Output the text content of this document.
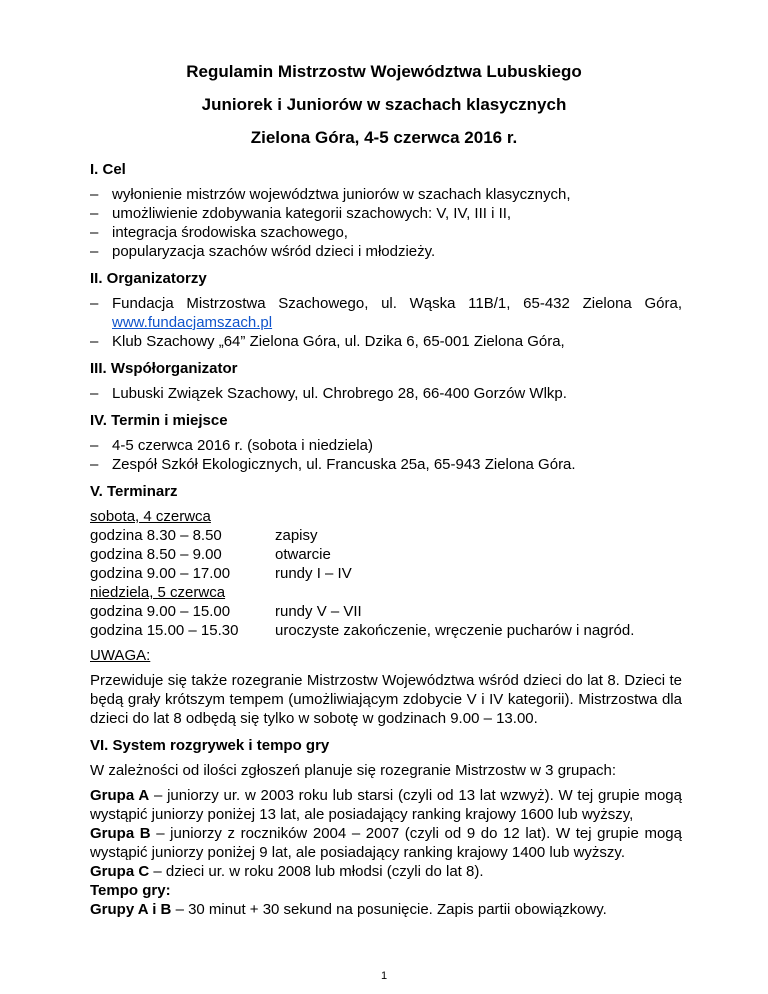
Regulamin Mistrzostw Województwa Lubuskiego
Juniorek i Juniorów w szachach klasycznych
Zielona Góra, 4-5 czerwca 2016 r.

I. Cel

– wyłonienie mistrzów województwa juniorów w szachach klasycznych,

– umożliwienie zdobywania kategorii szachowych: V, IV, III i II,

– integracja środowiska szachowego,

– popularyzacja szachów wśród dzieci i młodzieży.

II. Organizatorzy

– Fundacja Mistrzostwa Szachowego, ul. Wąska 11B/1, 65-432 Zielona Góra, www.fundacjamszach.pl

– Klub Szachowy „64” Zielona Góra, ul. Dzika 6, 65-001 Zielona Góra,

III. Współorganizator

– Lubuski Związek Szachowy, ul. Chrobrego 28, 66-400 Gorzów Wlkp.

IV. Termin i miejsce

– 4-5 czerwca 2016 r. (sobota i niedziela)

– Zespół Szkół Ekologicznych, ul. Francuska 25a, 65-943 Zielona Góra.

V. Terminarz

sobota, 4 czerwca

godzina 8.30 – 8.50	zapisy
godzina 8.50 – 9.00	otwarcie
godzina 9.00 – 17.00	rundy I – IV

niedziela, 5 czerwca

godzina 9.00 – 15.00	rundy V – VII
godzina 15.00 – 15.30	uroczyste zakończenie, wręczenie pucharów i nagród.

UWAGA:

Przewiduje się także rozegranie Mistrzostw Województwa wśród dzieci do lat 8. Dzieci te będą grały krótszym tempem (umożliwiającym zdobycie V i IV kategorii). Mistrzostwa dla dzieci do lat 8 odbędą się tylko w sobotę w godzinach 9.00 – 13.00.

VI. System rozgrywek i tempo gry

W zależności od ilości zgłoszeń planuje się rozegranie Mistrzostw w 3 grupach:

Grupa A – juniorzy ur. w 2003 roku lub starsi (czyli od 13 lat wzwyż). W tej grupie mogą wystąpić juniorzy poniżej 13 lat, ale posiadający ranking krajowy 1600 lub wyższy,

Grupa B – juniorzy z roczników 2004 – 2007 (czyli od 9 do 12 lat). W tej grupie mogą wystąpić juniorzy poniżej 9 lat, ale posiadający ranking krajowy 1400 lub wyższy.

Grupa C – dzieci ur. w roku 2008 lub młodsi (czyli do lat 8).

Tempo gry:

Grupy A i B – 30 minut + 30 sekund na posunięcie. Zapis partii obowiązkowy.

1
